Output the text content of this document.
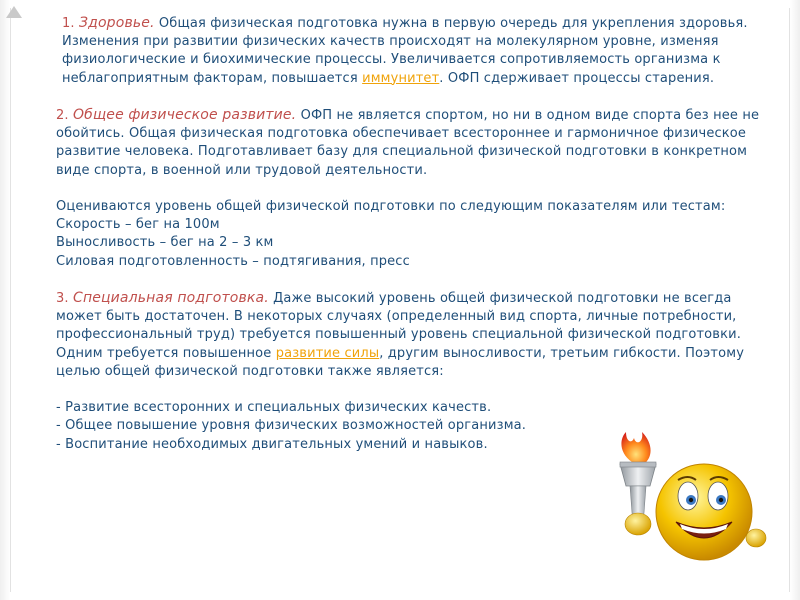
1. Здоровье. Общая физическая подготовка нужна в первую очередь для укрепления здоровья. Изменения при развитии физических качеств происходят на молекулярном уровне, изменяя физиологические и биохимические процессы. Увеличивается сопротивляемость организма к неблагоприятным факторам, повышается иммунитет. ОФП сдерживает процессы старения.

2. Общее физическое развитие. ОФП не является спортом, но ни в одном виде спорта без нее не обойтись. Общая физическая подготовка обеспечивает всестороннее и гармоничное физическое развитие человека. Подготавливает базу для специальной физической подготовки в конкретном виде спорта, в военной или трудовой деятельности.

Оцениваются уровень общей физической подготовки по следующим показателям или тестам:

Скорость – бег на 100м

Выносливость – бег на 2 – 3 км

Силовая подготовленность – подтягивания, пресс

3. Специальная подготовка. Даже высокий уровень общей физической подготовки не всегда может быть достаточен. В некоторых случаях (определенный вид спорта, личные потребности, профессиональный труд) требуется повышенный уровень специальной физической подготовки. Одним требуется повышенное развитие силы, другим выносливости, третьим гибкости. Поэтому целью общей физической подготовки также является:

- Развитие всесторонних и специальных физических качеств.

- Общее повышение уровня физических возможностей организма.

- Воспитание необходимых двигательных умений и навыков.
